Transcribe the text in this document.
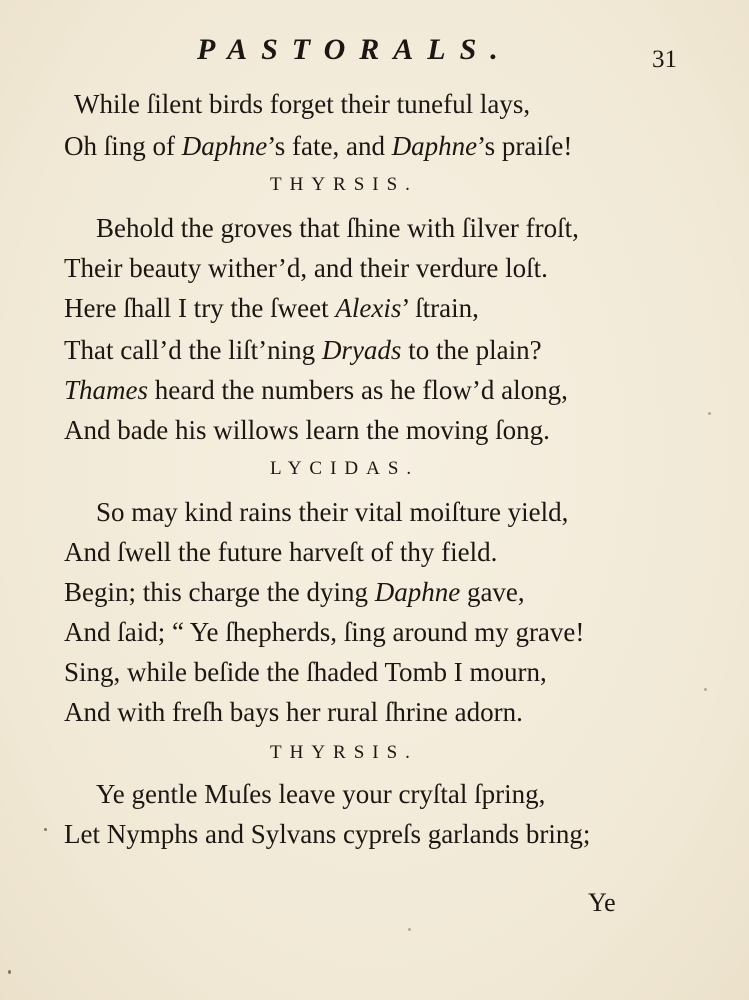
PASTORALS.	31
While ſilent birds forget their tuneful lays,
Oh ſing of Daphne’s fate, and Daphne’s praiſe!
THYRSIS.
Behold the groves that ſhine with ſilver froſt,
Their beauty wither’d, and their verdure loſt.
Here ſhall I try the ſweet Alexis’ ſtrain,
That call’d the liſt’ning Dryads to the plain?
Thames heard the numbers as he flow’d along,
And bade his willows learn the moving ſong.
LYCIDAS.
So may kind rains their vital moiſture yield,
And ſwell the future harveſt of thy field.
Begin; this charge the dying Daphne gave,
And ſaid; “ Ye ſhepherds, ſing around my grave!
Sing, while beſide the ſhaded Tomb I mourn,
And with freſh bays her rural ſhrine adorn.
THYRSIS.
Ye gentle Muſes leave your cryſtal ſpring,
Let Nymphs and Sylvans cypreſs garlands bring;
Ye
